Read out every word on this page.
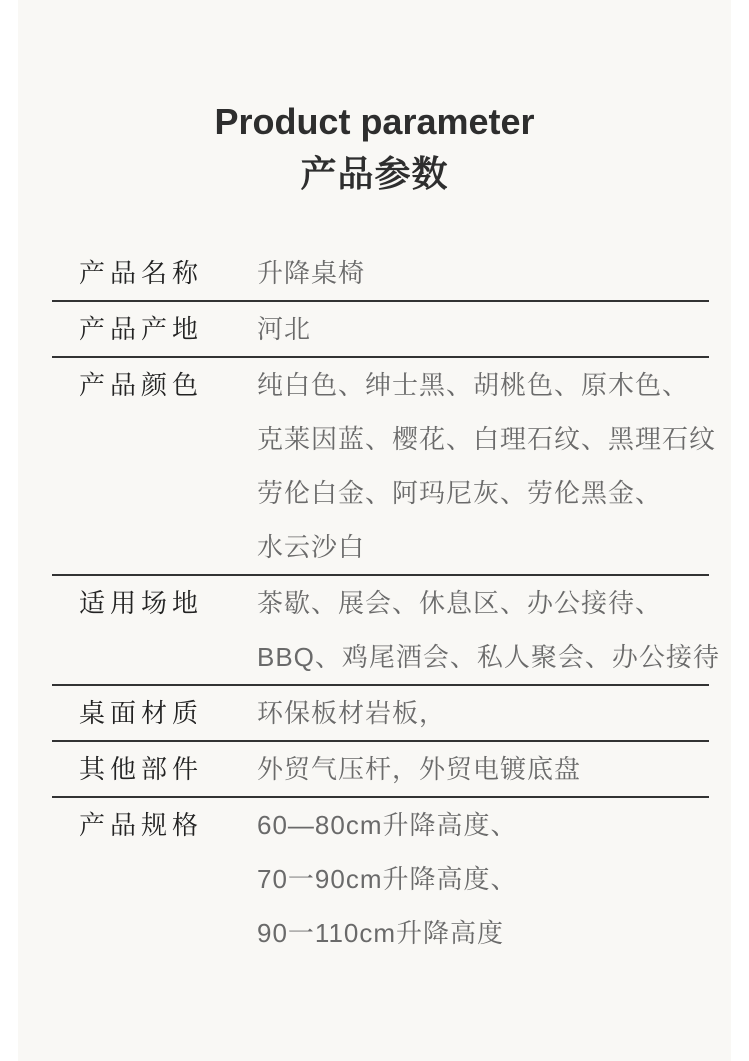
Product parameter
产品参数
产品名称	升降桌椅
产品产地	河北
产品颜色	纯白色、绅士黑、胡桃色、原木色、
克莱因蓝、樱花、白理石纹、黑理石纹
劳伦白金、阿玛尼灰、劳伦黑金、
水云沙白
适用场地	茶歇、展会、休息区、办公接待、
BBQ、鸡尾酒会、私人聚会、办公接待
桌面材质	环保板材岩板，
其他部件	外贸气压杆，外贸电镀底盘
产品规格	60—80cm升降高度、
70一90cm升降高度、
90一110cm升降高度
